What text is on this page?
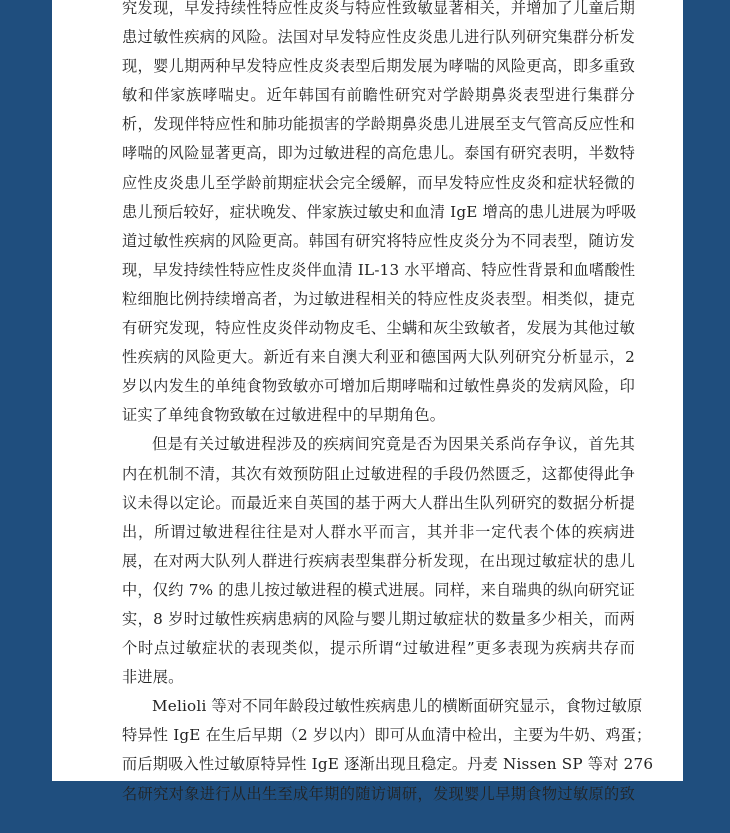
究发现，早发持续性特应性皮炎与特应性致敏显著相关，并增加了儿童后期
患过敏性疾病的风险。法国对早发特应性皮炎患儿进行队列研究集群分析发
现，婴儿期两种早发特应性皮炎表型后期发展为哮喘的风险更高，即多重致
敏和伴家族哮喘史。近年韩国有前瞻性研究对学龄期鼻炎表型进行集群分
析，发现伴特应性和肺功能损害的学龄期鼻炎患儿进展至支气管高反应性和
哮喘的风险显著更高，即为过敏进程的高危患儿。泰国有研究表明，半数特
应性皮炎患儿至学龄前期症状会完全缓解，而早发特应性皮炎和症状轻微的
患儿预后较好，症状晚发、伴家族过敏史和血清 IgE 增高的患儿进展为呼吸
道过敏性疾病的风险更高。韩国有研究将特应性皮炎分为不同表型，随访发
现，早发持续性特应性皮炎伴血清 IL-13 水平增高、特应性背景和血嗜酸性
粒细胞比例持续增高者，为过敏进程相关的特应性皮炎表型。相类似，捷克
有研究发现，特应性皮炎伴动物皮毛、尘螨和灰尘致敏者，发展为其他过敏
性疾病的风险更大。新近有来自澳大利亚和德国两大队列研究分析显示，2
岁以内发生的单纯食物致敏亦可增加后期哮喘和过敏性鼻炎的发病风险，印
证实了单纯食物致敏在过敏进程中的早期角色。
但是有关过敏进程涉及的疾病间究竟是否为因果关系尚存争议，首先其
内在机制不清，其次有效预防阻止过敏进程的手段仍然匮乏，这都使得此争
议未得以定论。而最近来自英国的基于两大人群出生队列研究的数据分析提
出，所谓过敏进程往往是对人群水平而言，其并非一定代表个体的疾病进
展，在对两大队列人群进行疾病表型集群分析发现，在出现过敏症状的患儿
中，仅约 7% 的患儿按过敏进程的模式进展。同样，来自瑞典的纵向研究证
实，8 岁时过敏性疾病患病的风险与婴儿期过敏症状的数量多少相关，而两
个时点过敏症状的表现类似，提示所谓“过敏进程”更多表现为疾病共存而
非进展。
Melioli 等对不同年龄段过敏性疾病患儿的横断面研究显示，食物过敏原
特异性 IgE 在生后早期（2 岁以内）即可从血清中检出，主要为牛奶、鸡蛋；
而后期吸入性过敏原特异性 IgE 逐渐出现且稳定。丹麦 Nissen SP 等对 276
名研究对象进行从出生至成年期的随访调研，发现婴儿早期食物过敏原的致
